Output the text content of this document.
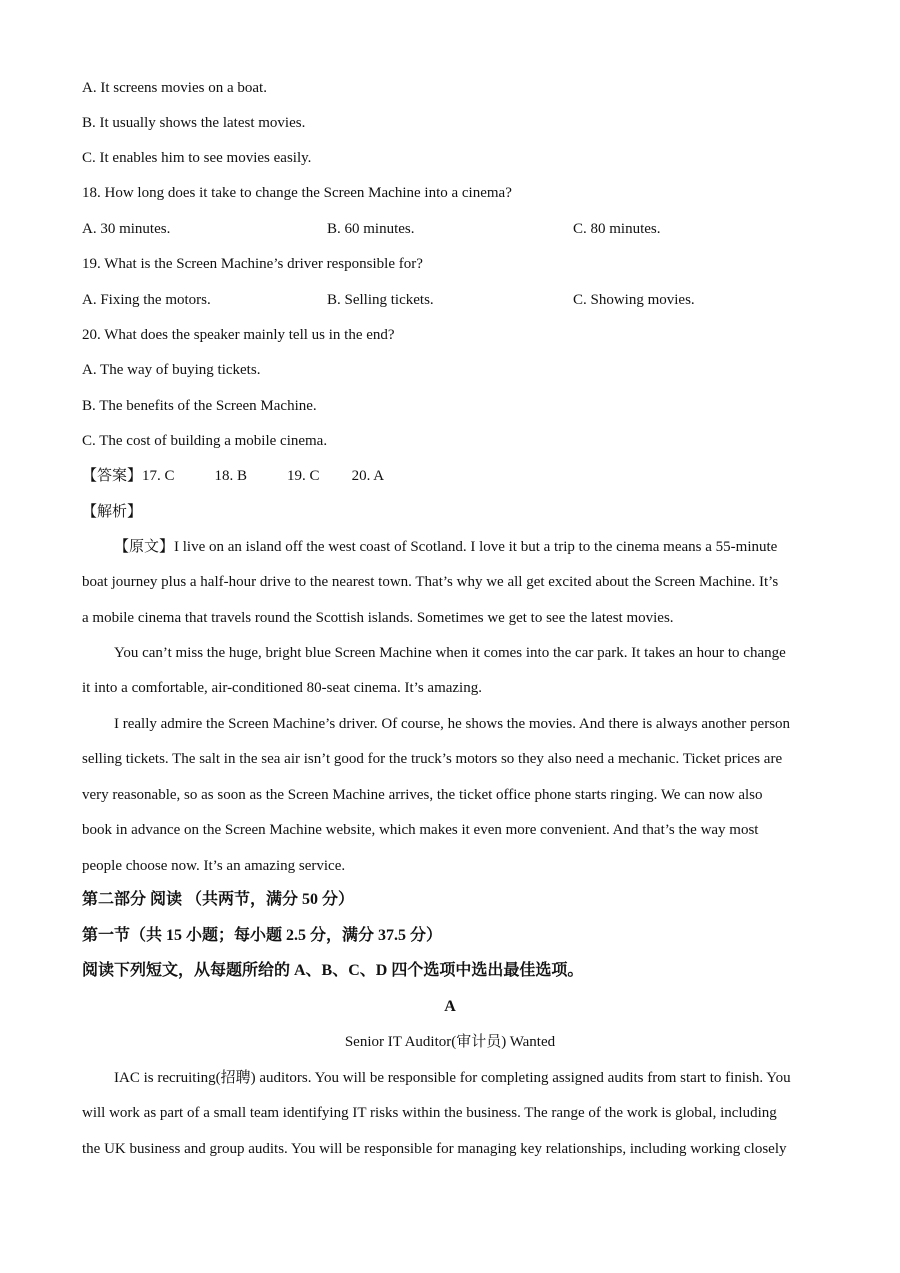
A. It screens movies on a boat.
B. It usually shows the latest movies.
C. It enables him to see movies easily.
18. How long does it take to change the Screen Machine into a cinema?
A. 30 minutes.	B. 60 minutes.	C. 80 minutes.
19. What is the Screen Machine’s driver responsible for?
A. Fixing the motors.	B. Selling tickets.	C. Showing movies.
20. What does the speaker mainly tell us in the end?
A. The way of buying tickets.
B. The benefits of the Screen Machine.
C. The cost of building a mobile cinema.
【答案】17. C	18. B	19. C 20. A
【解析】
【原文】I live on an island off the west coast of Scotland. I love it but a trip to the cinema means a 55-minute
boat journey plus a half-hour drive to the nearest town. That’s why we all get excited about the Screen Machine. It’s
a mobile cinema that travels round the Scottish islands. Sometimes we get to see the latest movies.
You can’t miss the huge, bright blue Screen Machine when it comes into the car park. It takes an hour to change
it into a comfortable, air-conditioned 80-seat cinema. It’s amazing.
I really admire the Screen Machine’s driver. Of course, he shows the movies. And there is always another person
selling tickets. The salt in the sea air isn’t good for the truck’s motors so they also need a mechanic. Ticket prices are
very reasonable, so as soon as the Screen Machine arrives, the ticket office phone starts ringing. We can now also
book in advance on the Screen Machine website, which makes it even more convenient. And that’s the way most
people choose now. It’s an amazing service.
第二部分 阅读 （共两节，满分 50 分）
第一节（共 15 小题；每小题 2.5 分，满分 37.5 分）
阅读下列短文，从每题所给的 A、B、C、D 四个选项中选出最佳选项。
A
Senior IT Auditor(审计员) Wanted
IAC is recruiting(招聘) auditors. You will be responsible for completing assigned audits from start to finish. You
will work as part of a small team identifying IT risks within the business. The range of the work is global, including
the UK business and group audits. You will be responsible for managing key relationships, including working closely
